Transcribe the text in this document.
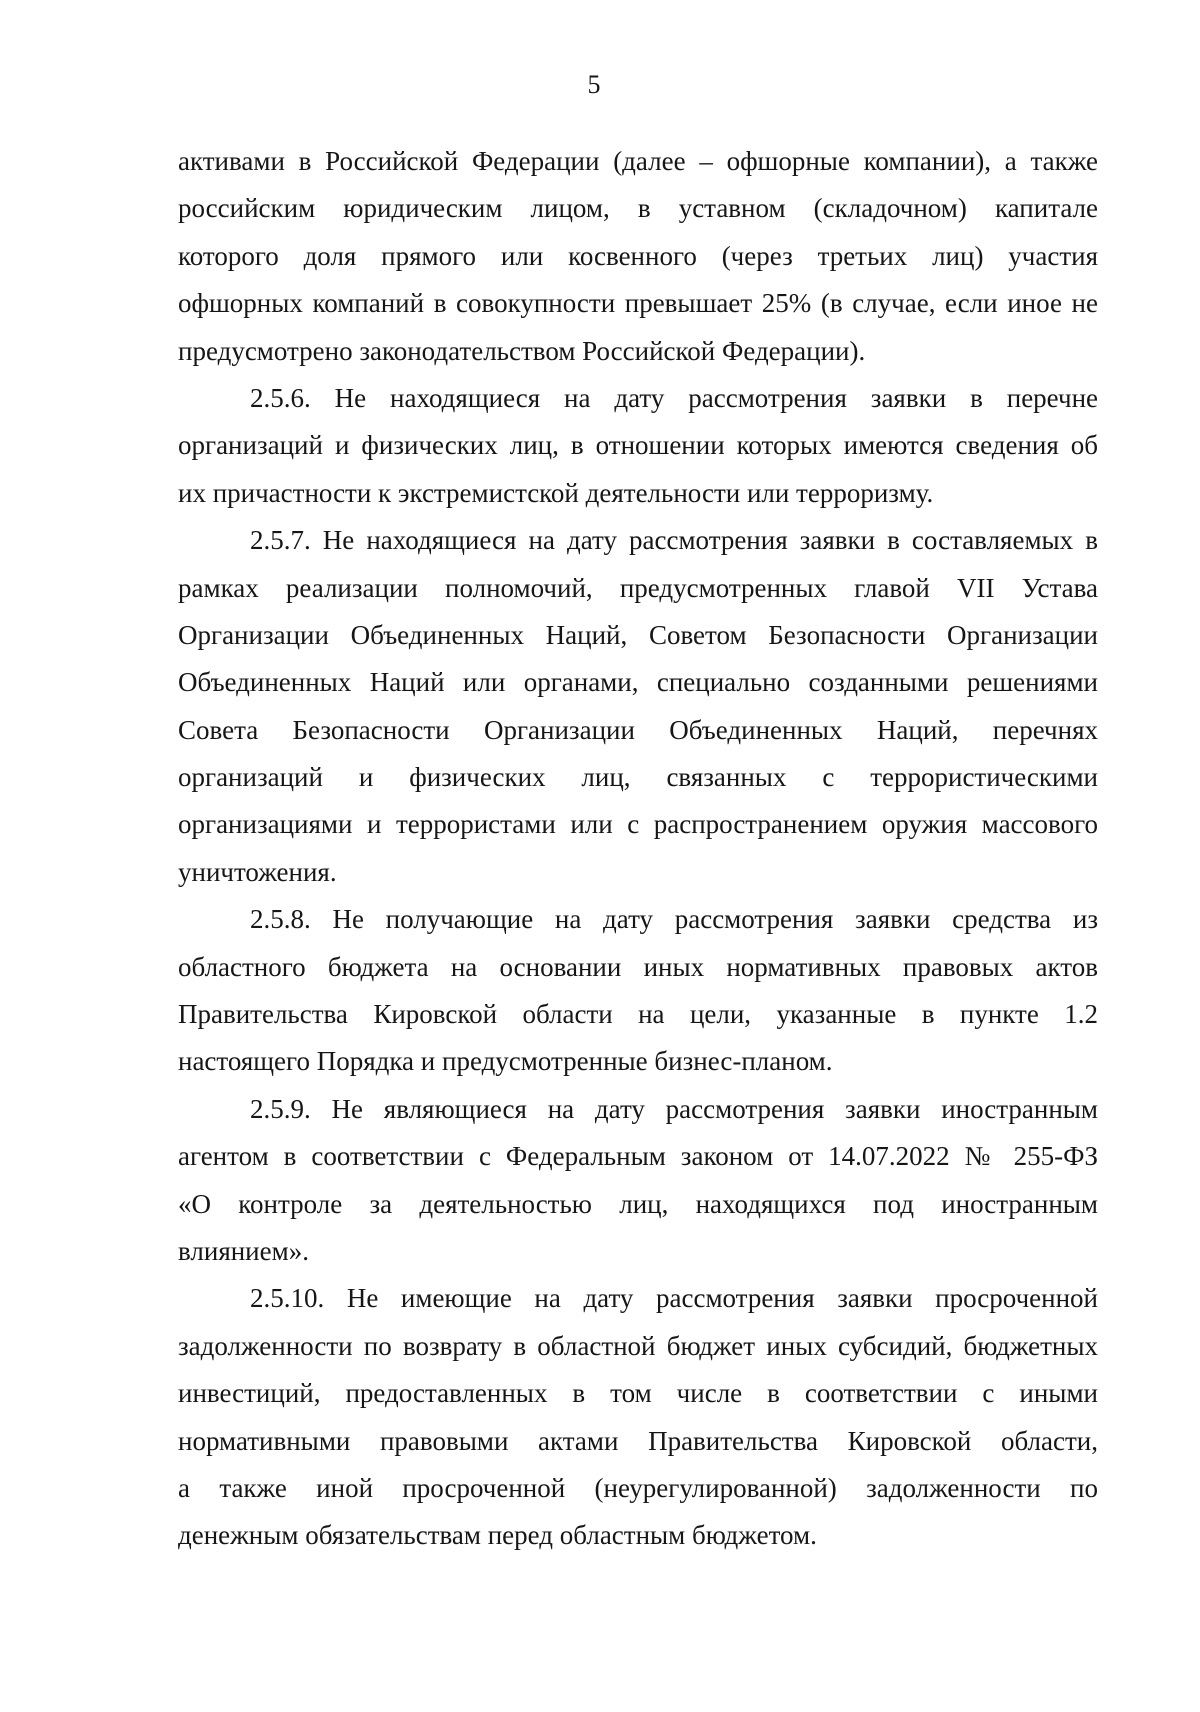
5
активами в Российской Федерации (далее – офшорные компании), а также
российским юридическим лицом, в уставном (складочном) капитале
которого доля прямого или косвенного (через третьих лиц) участия
офшорных компаний в совокупности превышает 25% (в случае, если иное не
предусмотрено законодательством Российской Федерации).
2.5.6. Не находящиеся на дату рассмотрения заявки в перечне
организаций и физических лиц, в отношении которых имеются сведения об
их причастности к экстремистской деятельности или терроризму.
2.5.7. Не находящиеся на дату рассмотрения заявки в составляемых в
рамках реализации полномочий, предусмотренных главой VII Устава
Организации Объединенных Наций, Советом Безопасности Организации
Объединенных Наций или органами, специально созданными решениями
Совета Безопасности Организации Объединенных Наций, перечнях
организаций и физических лиц, связанных с террористическими
организациями и террористами или с распространением оружия массового
уничтожения.
2.5.8. Не получающие на дату рассмотрения заявки средства из
областного бюджета на основании иных нормативных правовых актов
Правительства Кировской области на цели, указанные в пункте 1.2
настоящего Порядка и предусмотренные бизнес-планом.
2.5.9. Не являющиеся на дату рассмотрения заявки иностранным
агентом в соответствии с Федеральным законом от 14.07.2022 № 255-ФЗ
«О контроле за деятельностью лиц, находящихся под иностранным
влиянием».
2.5.10. Не имеющие на дату рассмотрения заявки просроченной
задолженности по возврату в областной бюджет иных субсидий, бюджетных
инвестиций, предоставленных в том числе в соответствии с иными
нормативными правовыми актами Правительства Кировской области,
а также иной просроченной (неурегулированной) задолженности по
денежным обязательствам перед областным бюджетом.
